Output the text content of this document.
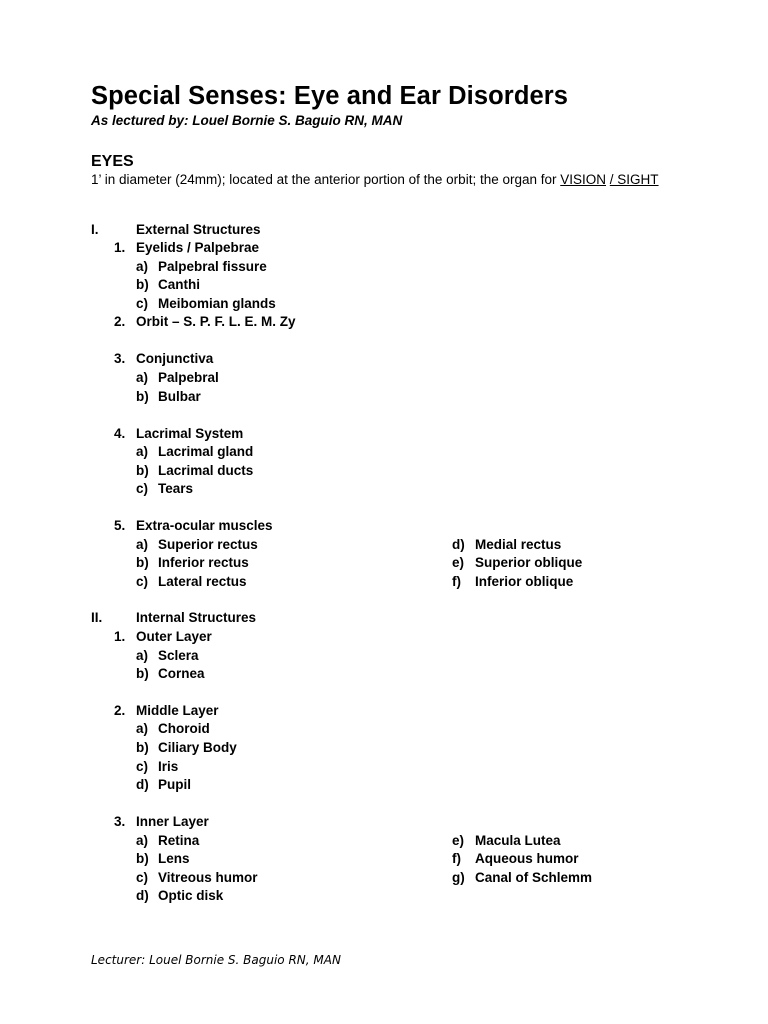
Special Senses: Eye and Ear Disorders
As lectured by: Louel Bornie S. Baguio RN, MAN
EYES
1’ in diameter (24mm); located at the anterior portion of the orbit; the organ for VISION / SIGHT
I.	External Structures
1. Eyelids / Palpebrae
a) Palpebral fissure
b) Canthi
c) Meibomian glands
2. Orbit – S. P. F. L. E. M. Zy
3. Conjunctiva
a) Palpebral
b) Bulbar
4. Lacrimal System
a) Lacrimal gland
b) Lacrimal ducts
c) Tears
5. Extra-ocular muscles
a) Superior rectus
b) Inferior rectus
c) Lateral rectus
d) Medial rectus
e) Superior oblique
f) Inferior oblique
II. Internal Structures
1. Outer Layer
a) Sclera
b) Cornea
2. Middle Layer
a) Choroid
b) Ciliary Body
c) Iris
d) Pupil
3. Inner Layer
a) Retina
b) Lens
c) Vitreous humor
d) Optic disk
e) Macula Lutea
f) Aqueous humor
g) Canal of Schlemm
Lecturer: Louel Bornie S. Baguio RN, MAN
